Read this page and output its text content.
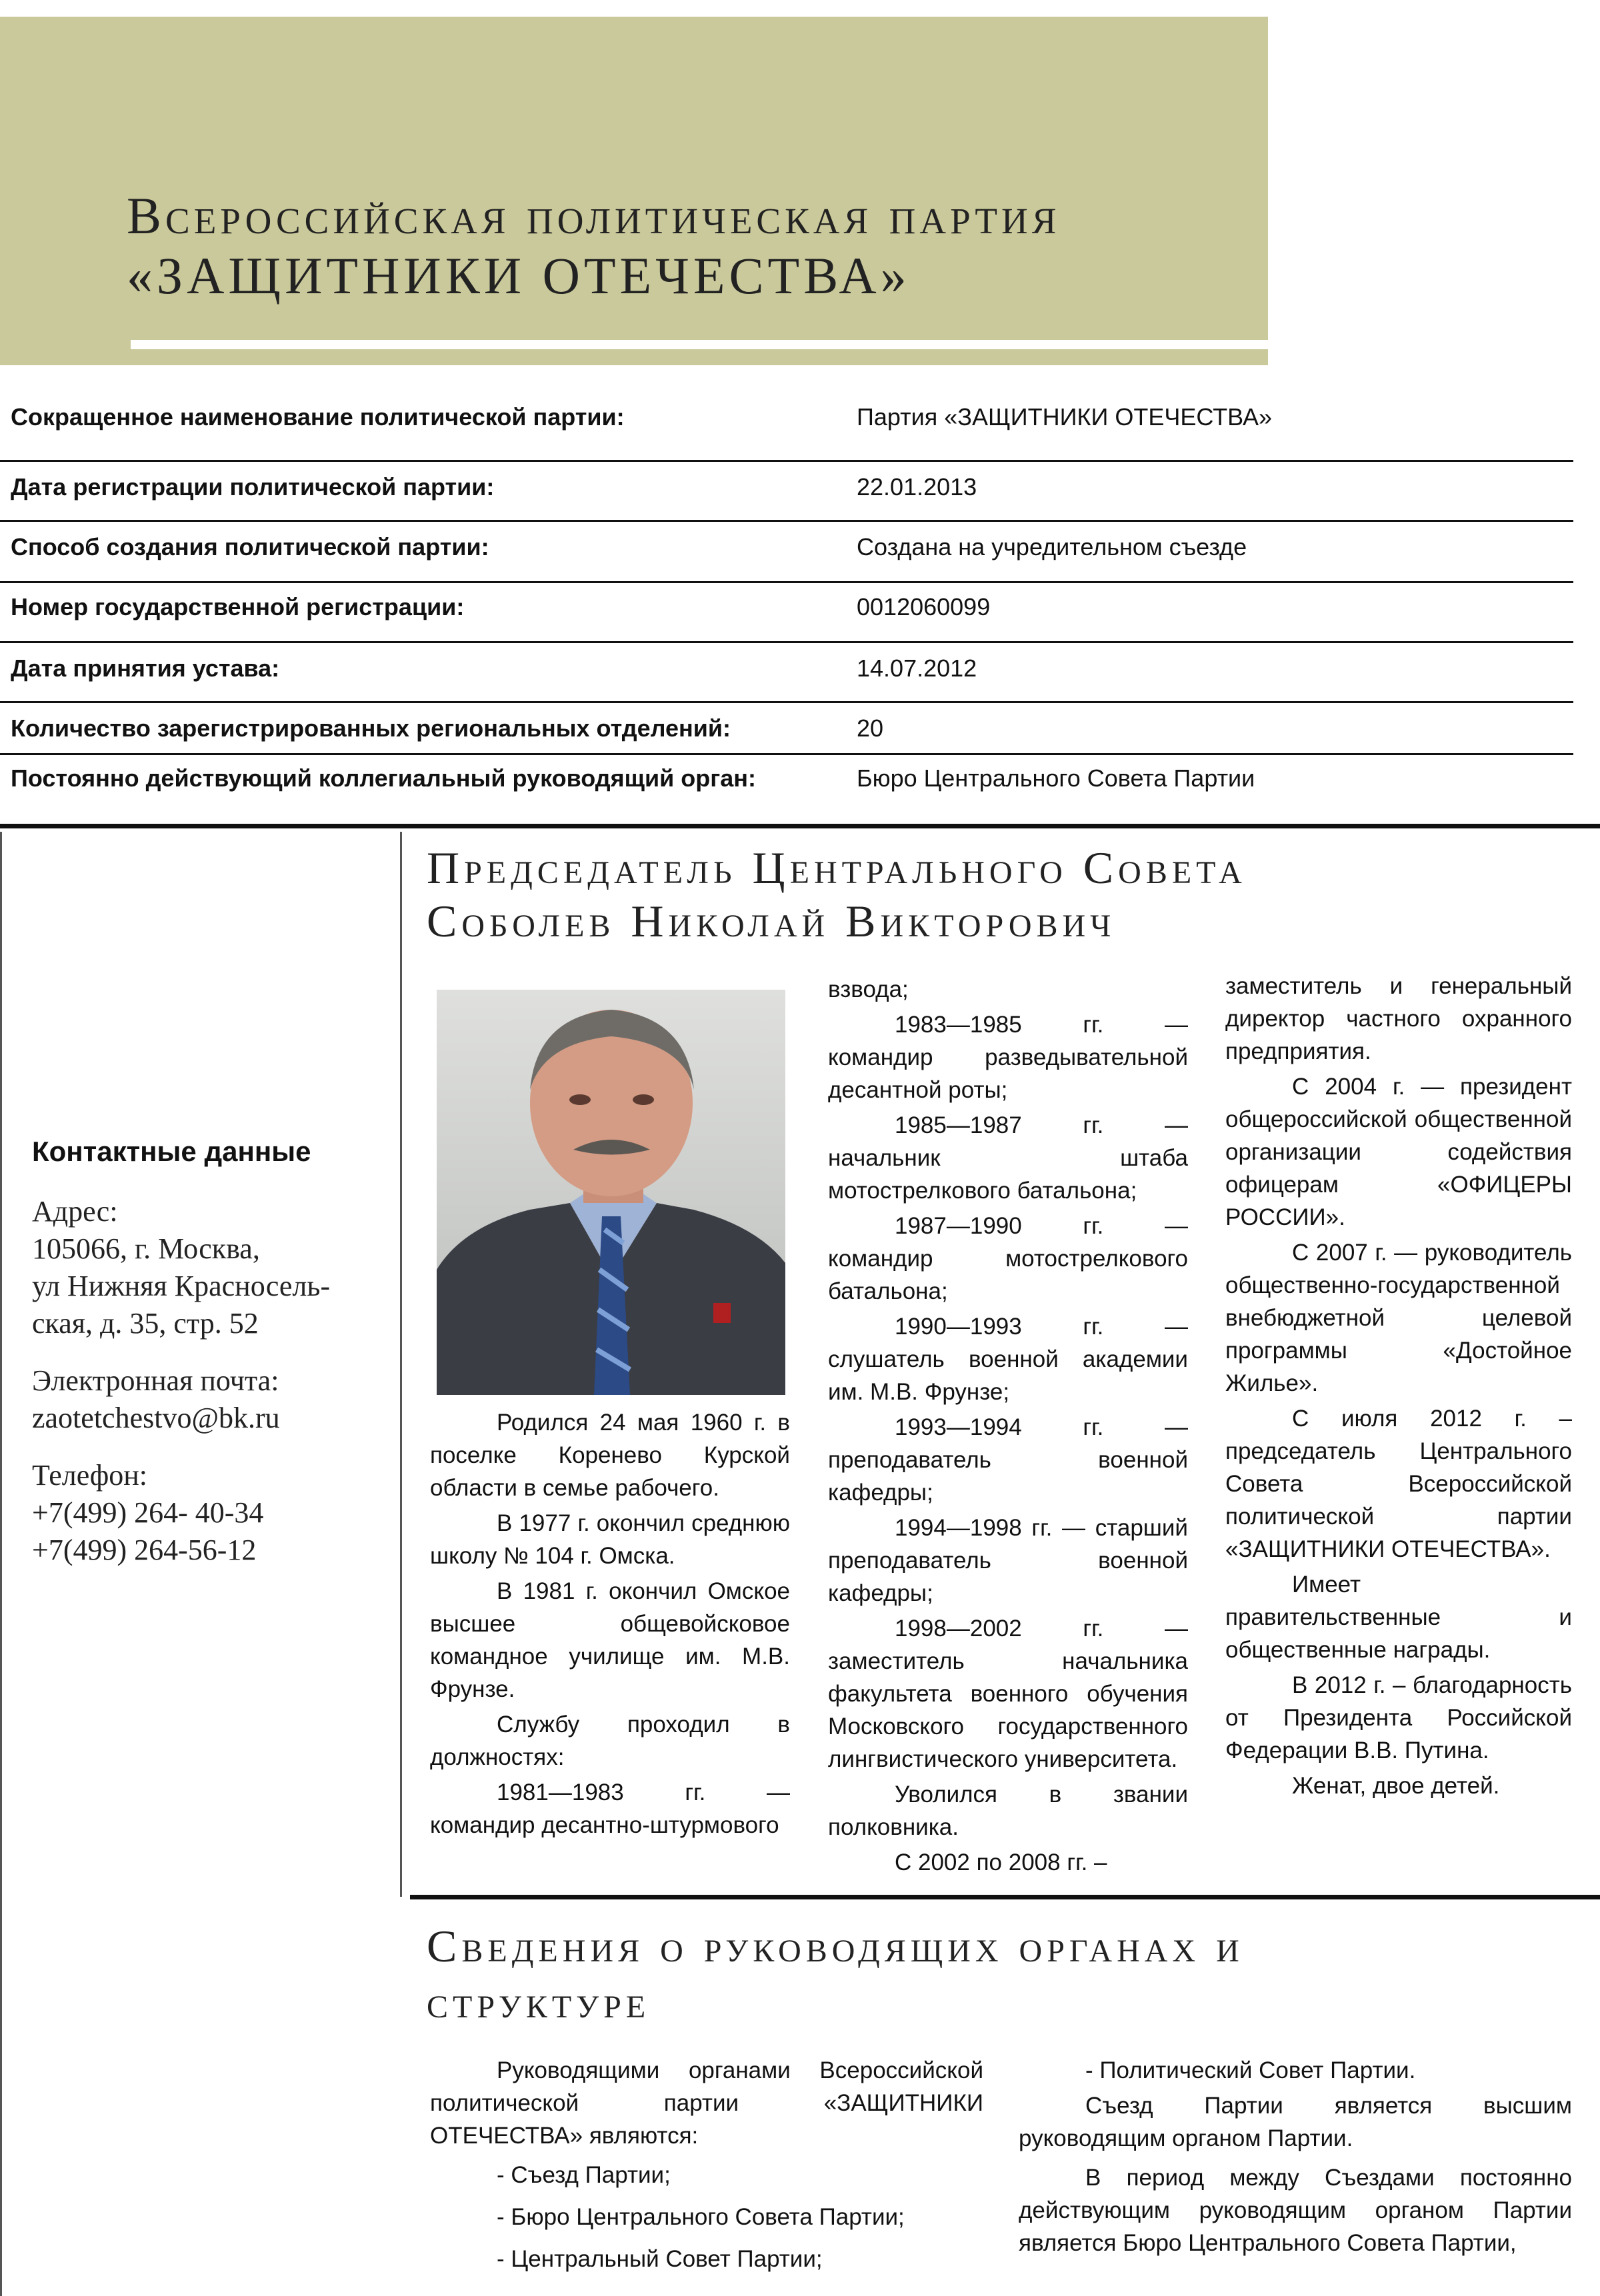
Всероссийская политическая партия
«ЗАЩИТНИКИ ОТЕЧЕСТВА»
Сокращенное наименование политической партии:	Партия «ЗАЩИТНИКИ ОТЕЧЕСТВА»
Дата регистрации политической партии:	22.01.2013
Способ создания политической партии:	Создана на учредительном съезде
Номер государственной регистрации:	0012060099
Дата принятия устава:	14.07.2012
Количество зарегистрированных региональных отделений:	20
Постоянно действующий коллегиальный руководящий орган:	Бюро Центрального Совета Партии
Контактные данные
Адрес:
105066, г. Москва,
ул Нижняя Красносель-
ская, д. 35, стр. 52
Электронная почта:
zaotetchestvo@bk.ru
Телефон:
+7(499) 264- 40-34
+7(499) 264-56-12
Председатель Центрального Совета
Соболев Николай Викторович

Родился 24 мая 1960 г. в поселке Коренево Курской области в семье рабочего.

В 1977 г. окончил среднюю школу № 104 г. Омска.

В 1981 г. окончил Омское высшее общевойсковое командное училище им. М.В. Фрунзе.

Службу проходил в должностях:

1981—1983 гг. — командир десантно-штурмового

взвода;

1983—1985 гг. — командир разведывательной десантной роты;

1985—1987 гг. — начальник штаба мотострелкового батальона;

1987—1990 гг. — командир мотострелкового батальона;

1990—1993 гг. — слушатель военной академии им. М.В. Фрунзе;

1993—1994 гг. — преподаватель военной кафедры;

1994—1998 гг. — старший преподаватель военной кафедры;

1998—2002 гг. — заместитель начальника факультета военного обучения Московского государственного лингвистического университета.

Уволился в звании полковника.

С 2002 по 2008 гг. –

заместитель и генеральный директор частного охранного предприятия.

С 2004 г. — президент общероссийской общественной организации содействия офицерам «ОФИЦЕРЫ РОССИИ».

С 2007 г. — руководитель общественно-государственной внебюджетной целевой программы «Достойное Жилье».

С июля 2012 г. – председатель Центрального Совета Всероссийской политической партии «ЗАЩИТНИКИ ОТЕЧЕСТВА».

Имеет правительственные и общественные награды.

В 2012 г. – благодарность от Президента Российской Федерации В.В. Путина.

Женат, двое детей.

Сведения о руководящих органах и
структуре

Руководящими органами Всероссийской политической партии «ЗАЩИТНИКИ ОТЕЧЕСТВА» являются:

- Съезд Партии;

- Бюро Центрального Совета Партии;

- Центральный Совет Партии;

- Политический Совет Партии.

Съезд Партии является высшим руководящим органом Партии.

В период между Съездами постоянно действующим руководящим органом Партии является Бюро Центрального Совета Партии,
